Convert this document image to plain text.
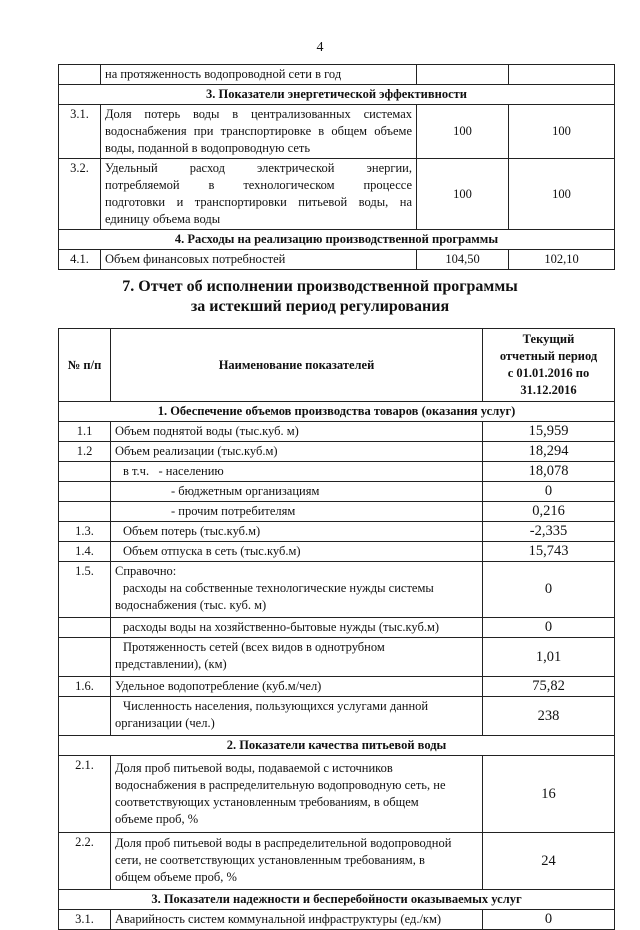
4
	на протяженность водопроводной сети в год		
3. Показатели энергетической эффективности			
3.1.	Доля потерь воды в централизованных системах
водоснабжения при транспортировке в общем объеме
воды, поданной в водопроводную сеть	100	100
3.2.	Удельный расход электрической энергии,
потребляемой в технологическом процессе
подготовки и транспортировки питьевой воды, на
единицу объема воды	100	100
4. Расходы на реализацию производственной программы			
4.1.	Объем финансовых потребностей	104,50	102,10
7. Отчет об исполнении производственной программы
за истекший период регулирования
№ п/п	Наименование показателей	Текущий
отчетный период
с 01.01.2016 по
31.12.2016

1. Обеспечение объемов производства товаров (оказания услуг)		
1.1	Объем поднятой воды (тыс.куб. м)	15,959
1.2	Объем реализации (тыс.куб.м)	18,294
	в т.ч.   - населению	18,078
	- бюджетным организациям	0
	- прочим потребителям	0,216
1.3.	Объем потерь (тыс.куб.м)	-2,335
1.4.	Объем отпуска в сеть (тыс.куб.м)	15,743
1.5.	Справочно:
расходы на собственные технологические нужды системы
водоснабжения (тыс. куб. м)	0
	расходы воды на хозяйственно-бытовые нужды (тыс.куб.м)	0

	Протяженность сетей (всех видов в однотрубном
представлении), (км)	1,01
1.6.	Удельное водопотребление (куб.м/чел)	75,82

	Численность населения, пользующихся услугами данной
организации (чел.)	238
2. Показатели качества питьевой воды		
2.1.	Доля проб питьевой воды, подаваемой с источников
водоснабжения в распределительную водопроводную сеть, не
соответствующих установленным требованиям, в общем
объеме проб, %	16
2.2.	Доля проб питьевой воды в распределительной водопроводной
сети, не соответствующих установленным требованиям, в
общем объеме проб, %	24
3. Показатели надежности и бесперебойности оказываемых услуг		
3.1.	Аварийность систем коммунальной инфраструктуры (ед./км)	0
